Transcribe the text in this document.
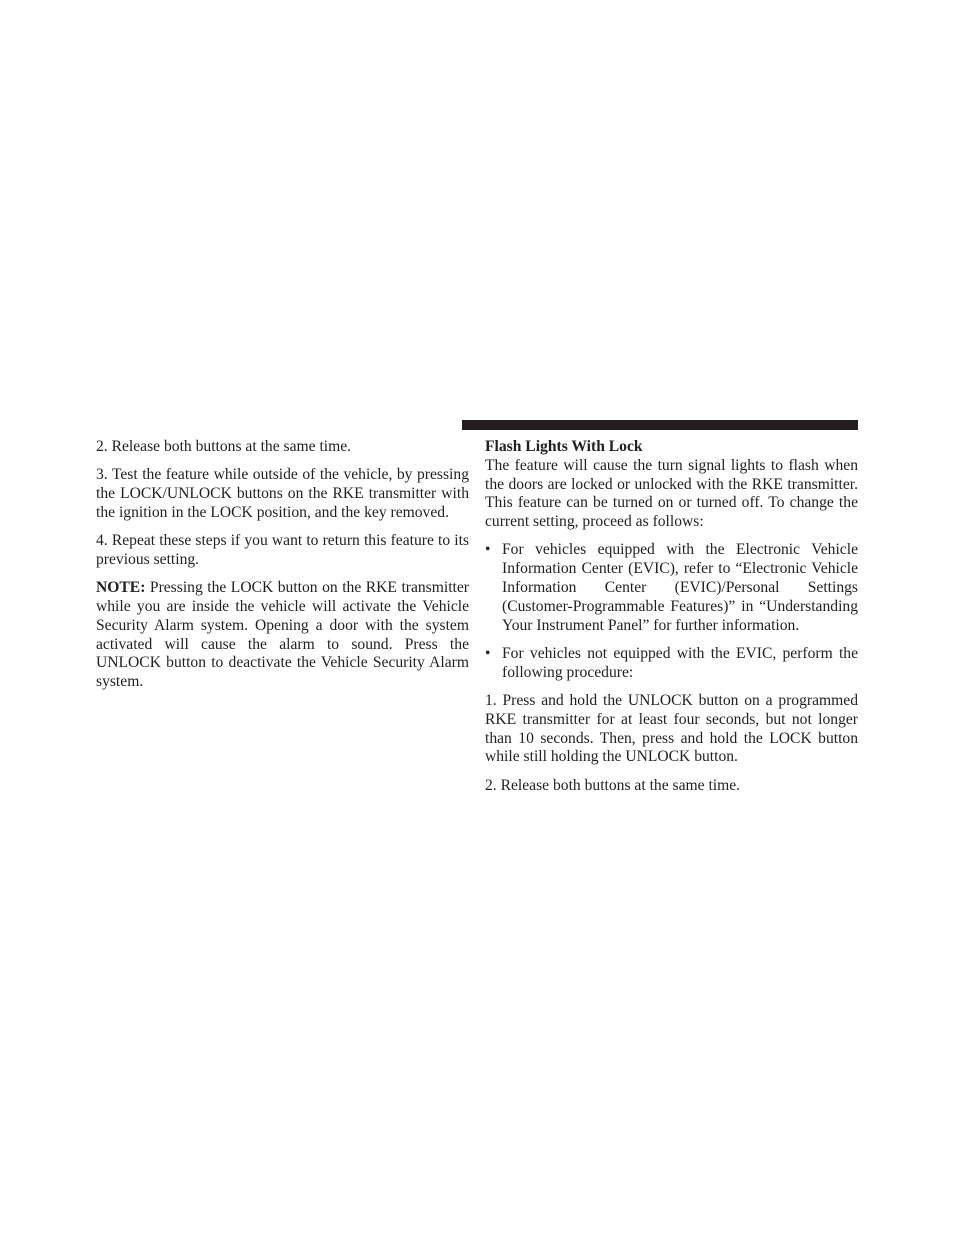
2. Release both buttons at the same time.

3. Test the feature while outside of the vehicle, by pressing the LOCK/UNLOCK buttons on the RKE transmitter with the ignition in the LOCK position, and the key removed.

4. Repeat these steps if you want to return this feature to its previous setting.

NOTE: Pressing the LOCK button on the RKE transmitter while you are inside the vehicle will activate the Vehicle Security Alarm system. Opening a door with the system activated will cause the alarm to sound. Press the UNLOCK button to deactivate the Vehicle Security Alarm system.

Flash Lights With Lock

The feature will cause the turn signal lights to flash when the doors are locked or unlocked with the RKE transmitter. This feature can be turned on or turned off. To change the current setting, proceed as follows:

• For vehicles equipped with the Electronic Vehicle Information Center (EVIC), refer to “Electronic Vehicle Information Center (EVIC)/Personal Settings (Customer-Programmable Features)” in “Understanding Your Instrument Panel” for further information.
• For vehicles not equipped with the EVIC, perform the following procedure:

1. Press and hold the UNLOCK button on a programmed RKE transmitter for at least four seconds, but not longer than 10 seconds. Then, press and hold the LOCK button while still holding the UNLOCK button.

2. Release both buttons at the same time.
